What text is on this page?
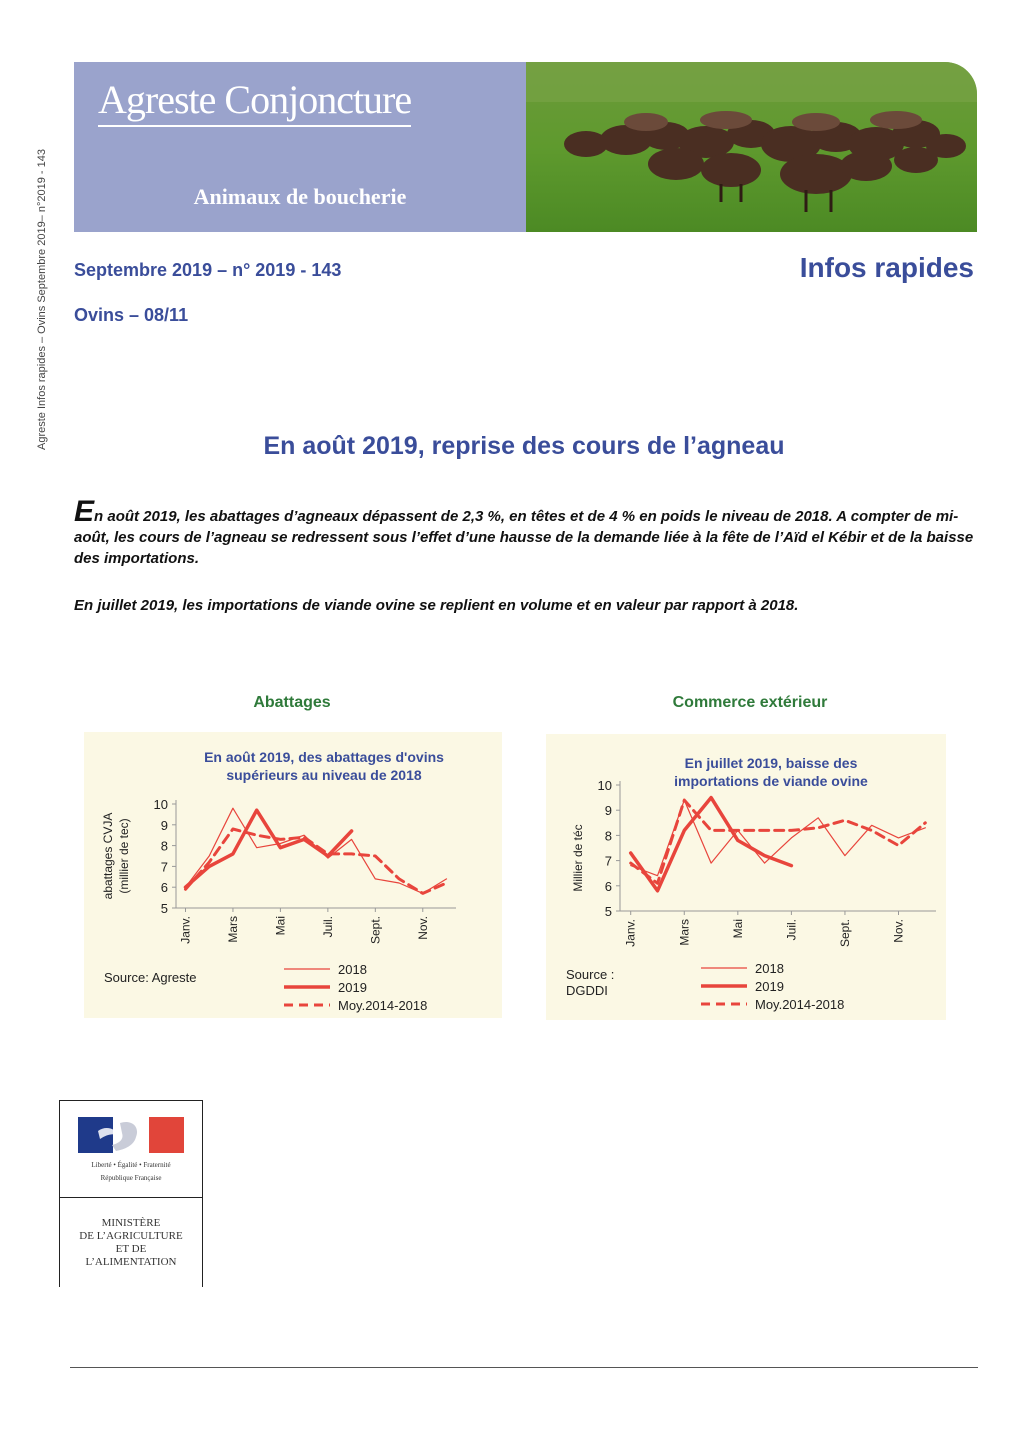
Agreste Infos rapides – Ovins Septembre 2019– n°2019 - 143
Agreste Conjoncture
Animaux de boucherie
Septembre 2019 – n° 2019 - 143	Infos rapides
Ovins – 08/11
En août 2019, reprise des cours de l’agneau
En août 2019, les abattages d’agneaux dépassent de 2,3 %, en têtes et de 4 % en poids le niveau de 2018. A compter de mi-août, les cours de l’agneau se redressent sous l’effet d’une hausse de la demande liée à la fête de l’Aïd el Kébir et de la baisse des importations.
En juillet 2019, les importations de viande ovine se replient en volume et en valeur par rapport à 2018.
Abattages	Commerce extérieur
En août 2019, des abattages d'ovins
supérieurs au niveau de 2018
abattages CVJA (millier de tec)
5
6
7
8
9
10
Janv.	Mars	Mai	Juil.	Sept.	Nov.
2018
2019
Moy.2014-2018
Source: Agreste
En juillet 2019, baisse des
importations de viande ovine
Millier de téc
5
6
7
8
9
10
Janv.	Mars	Mai	Juil.	Sept.	Nov.
2018
2019
Moy.2014-2018
Source :
DGDDI
Liberté • Égalité • Fraternité
République Française
MINISTÈRE
DE L’AGRICULTURE
ET DE
L’ALIMENTATION
